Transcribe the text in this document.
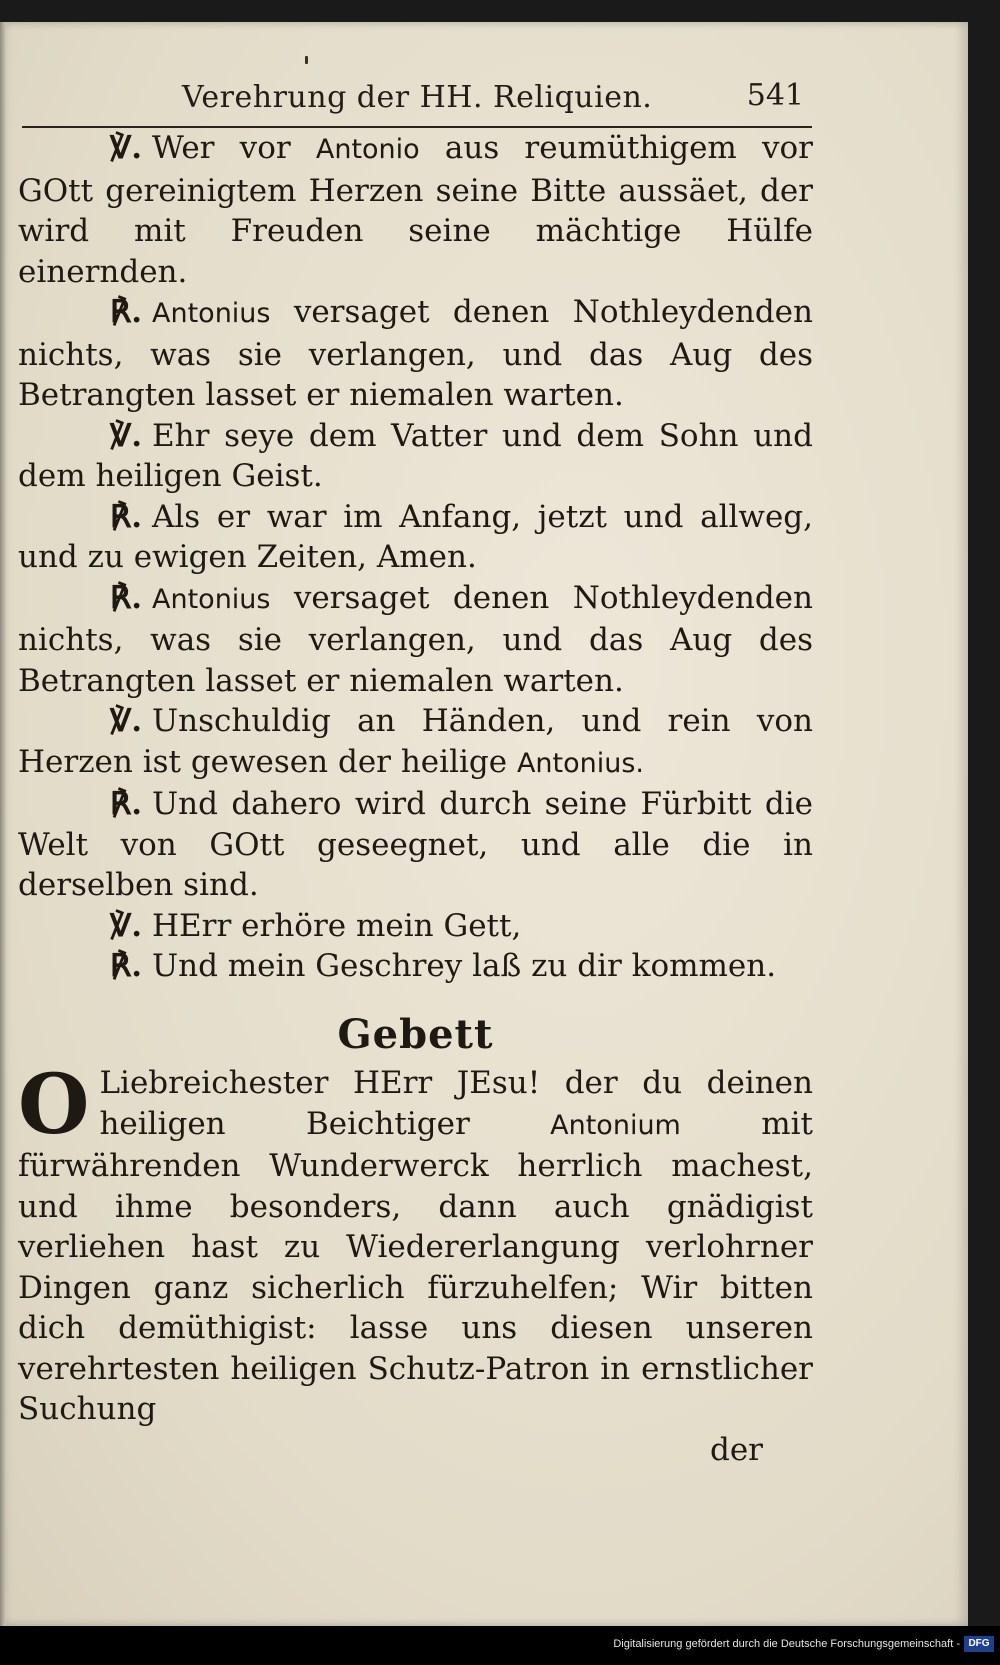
Verehrung der HH. Reliquien.	541

℣. Wer vor Antonio aus reumüthigem vor GOtt gereinigtem Herzen seine Bitte aussäet, der wird mit Freuden seine mächtige Hülfe einernden.

℟. Antonius versaget denen Nothleydenden nichts, was sie verlangen, und das Aug des Betrangten lasset er niemalen warten.

℣. Ehr seye dem Vatter und dem Sohn und dem heiligen Geist.

℟. Als er war im Anfang, jetzt und allweg, und zu ewigen Zeiten, Amen.

℟. Antonius versaget denen Nothleydenden nichts, was sie verlangen, und das Aug des Betrangten lasset er niemalen warten.

℣. Unschuldig an Händen, und rein von Herzen ist gewesen der heilige Antonius.

℟. Und dahero wird durch seine Fürbitt die Welt von GOtt geseegnet, und alle die in derselben sind.

℣. HErr erhöre mein Gett,

℟. Und mein Geschrey laß zu dir kommen.

Gebett

O Liebreichester HErr JEsu! der du deinen heiligen Beichtiger Antonium mit fürwährenden Wunderwerck herrlich machest, und ihme besonders, dann auch gnädigist verliehen hast zu Wiedererlangung verlohrner Dingen ganz sicherlich fürzuhelfen; Wir bitten dich demüthigist: lasse uns diesen unseren verehrtesten heiligen Schutz-Patron in ernstlicher Suchung

der
Digitalisierung gefördert durch die Deutsche Forschungsgemeinschaft - DFG
